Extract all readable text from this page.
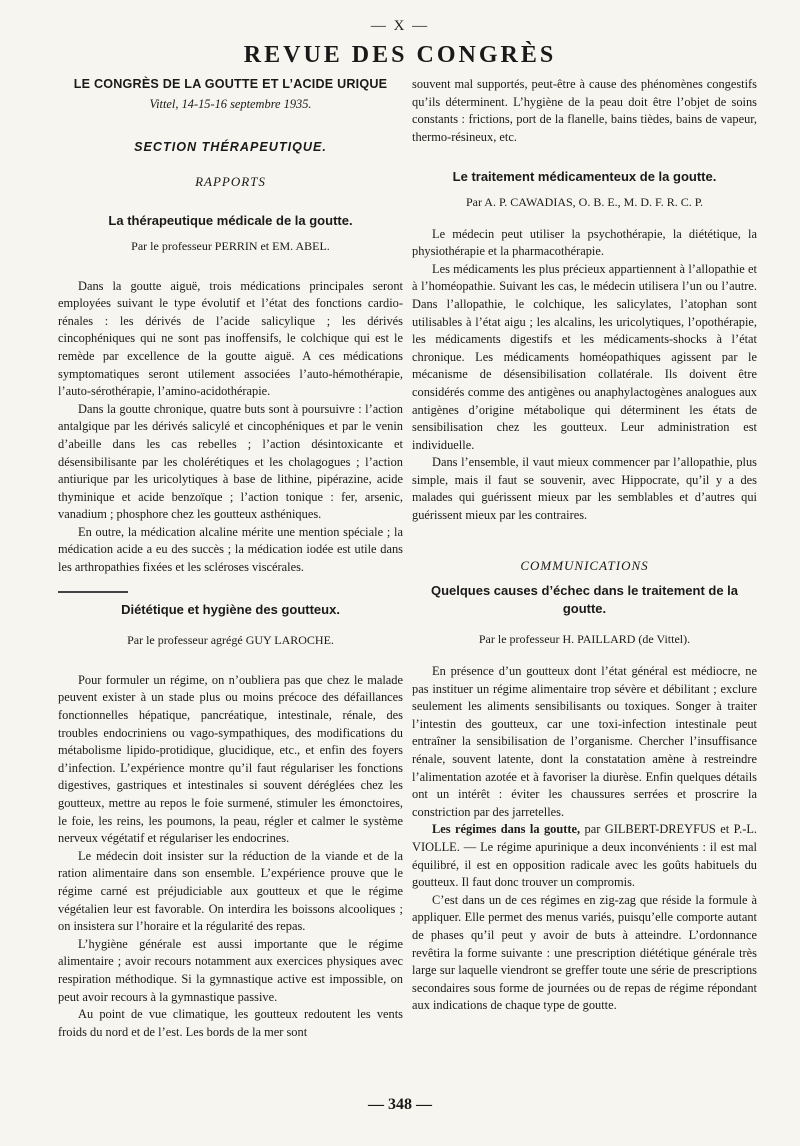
— X —
REVUE DES CONGRÈS
LE CONGRÈS DE LA GOUTTE ET L’ACIDE URIQUE
Vittel, 14-15-16 septembre 1935.
SECTION THÉRAPEUTIQUE.
RAPPORTS
La thérapeutique médicale de la goutte.
Par le professeur PERRIN et EM. ABEL.

Dans la goutte aiguë, trois médications principales seront employées suivant le type évolutif et l’état des fonctions cardio-rénales : les dérivés de l’acide salicylique ; les dérivés cincophéniques qui ne sont pas inoffensifs, le colchique qui est le remède par excellence de la goutte aiguë. A ces médications symptomatiques seront utilement associées l’auto-hémothérapie, l’auto-sérothérapie, l’amino-acidothérapie.

Dans la goutte chronique, quatre buts sont à poursuivre : l’action antalgique par les dérivés salicylé et cincophéniques et par le venin d’abeille dans les cas rebelles ; l’action désintoxicante et désensibilisante par les cholérétiques et les cholagogues ; l’action antiurique par les uricolytiques à base de lithine, pipérazine, acide thyminique et acide benzoïque ; l’action tonique : fer, arsenic, vanadium ; phosphore chez les goutteux asthéniques.

En outre, la médication alcaline mérite une mention spéciale ; la médication acide a eu des succès ; la médication iodée est utile dans les arthropathies fixées et les scléroses viscérales.

Diététique et hygiène des goutteux.
Par le professeur agrégé GUY LAROCHE.

Pour formuler un régime, on n’oubliera pas que chez le malade peuvent exister à un stade plus ou moins précoce des défaillances fonctionnelles hépatique, pancréatique, intestinale, rénale, des troubles endocriniens ou vago-sympathiques, des modifications du métabolisme lipido-protidique, glucidique, etc., et enfin des foyers d’infection. L’expérience montre qu’il faut régulariser les fonctions digestives, gastriques et intestinales si souvent déréglées chez les goutteux, mettre au repos le foie surmené, stimuler les émonctoires, le foie, les reins, les poumons, la peau, régler et calmer le système nerveux végétatif et régulariser les endocrines.

Le médecin doit insister sur la réduction de la viande et de la ration alimentaire dans son ensemble. L’expérience prouve que le régime carné est préjudiciable aux goutteux et que le régime végétalien leur est favorable. On interdira les boissons alcooliques ; on insistera sur l’horaire et la régularité des repas.

L’hygiène générale est aussi importante que le régime alimentaire ; avoir recours notamment aux exercices physiques avec respiration méthodique. Si la gymnastique active est impossible, on peut avoir recours à la gymnastique passive.

Au point de vue climatique, les goutteux redoutent les vents froids du nord et de l’est. Les bords de la mer sont

souvent mal supportés, peut-être à cause des phénomènes congestifs qu’ils déterminent. L’hygiène de la peau doit être l’objet de soins constants : frictions, port de la flanelle, bains tièdes, bains de vapeur, thermo-résineux, etc.

Le traitement médicamenteux de la goutte.
Par A. P. CAWADIAS, O. B. E., M. D. F. R. C. P.

Le médecin peut utiliser la psychothérapie, la diététique, la physiothérapie et la pharmacothérapie.

Les médicaments les plus précieux appartiennent à l’allopathie et à l’homéopathie. Suivant les cas, le médecin utilisera l’un ou l’autre. Dans l’allopathie, le colchique, les salicylates, l’atophan sont utilisables à l’état aigu ; les alcalins, les uricolytiques, l’opothérapie, les médicaments digestifs et les médicaments-shocks à l’état chronique. Les médicaments homéopathiques agissent par le mécanisme de désensibilisation collatérale. Ils doivent être considérés comme des antigènes ou anaphylactogènes analogues aux antigènes d’origine métabolique qui déterminent les états de sensibilisation chez les goutteux. Leur administration est individuelle.

Dans l’ensemble, il vaut mieux commencer par l’allopathie, plus simple, mais il faut se souvenir, avec Hippocrate, qu’il y a des malades qui guérissent mieux par les semblables et d’autres qui guérissent mieux par les contraires.

COMMUNICATIONS
Quelques causes d’échec dans le traitement de la goutte.
Par le professeur H. PAILLARD (de Vittel).

En présence d’un goutteux dont l’état général est médiocre, ne pas instituer un régime alimentaire trop sévère et débilitant ; exclure seulement les aliments sensibilisants ou toxiques. Songer à traiter l’intestin des goutteux, car une toxi-infection intestinale peut entraîner la sensibilisation de l’organisme. Chercher l’insuffisance rénale, souvent latente, dont la constatation amène à restreindre l’alimentation azotée et à favoriser la diurèse. Enfin quelques détails ont un intérêt : éviter les chaussures serrées et proscrire la constriction par des jarretelles.

Les régimes dans la goutte, par GILBERT-DREYFUS et P.-L. VIOLLE. — Le régime apurinique a deux inconvénients : il est mal équilibré, il est en opposition radicale avec les goûts habituels du goutteux. Il faut donc trouver un compromis.

C’est dans un de ces régimes en zig-zag que réside la formule à appliquer. Elle permet des menus variés, puisqu’elle comporte autant de phases qu’il peut y avoir de buts à atteindre. L’ordonnance revêtira la forme suivante : une prescription diététique générale très large sur laquelle viendront se greffer toute une série de prescriptions secondaires sous forme de journées ou de repas de régime répondant aux indications de chaque type de goutte.

— 348 —
